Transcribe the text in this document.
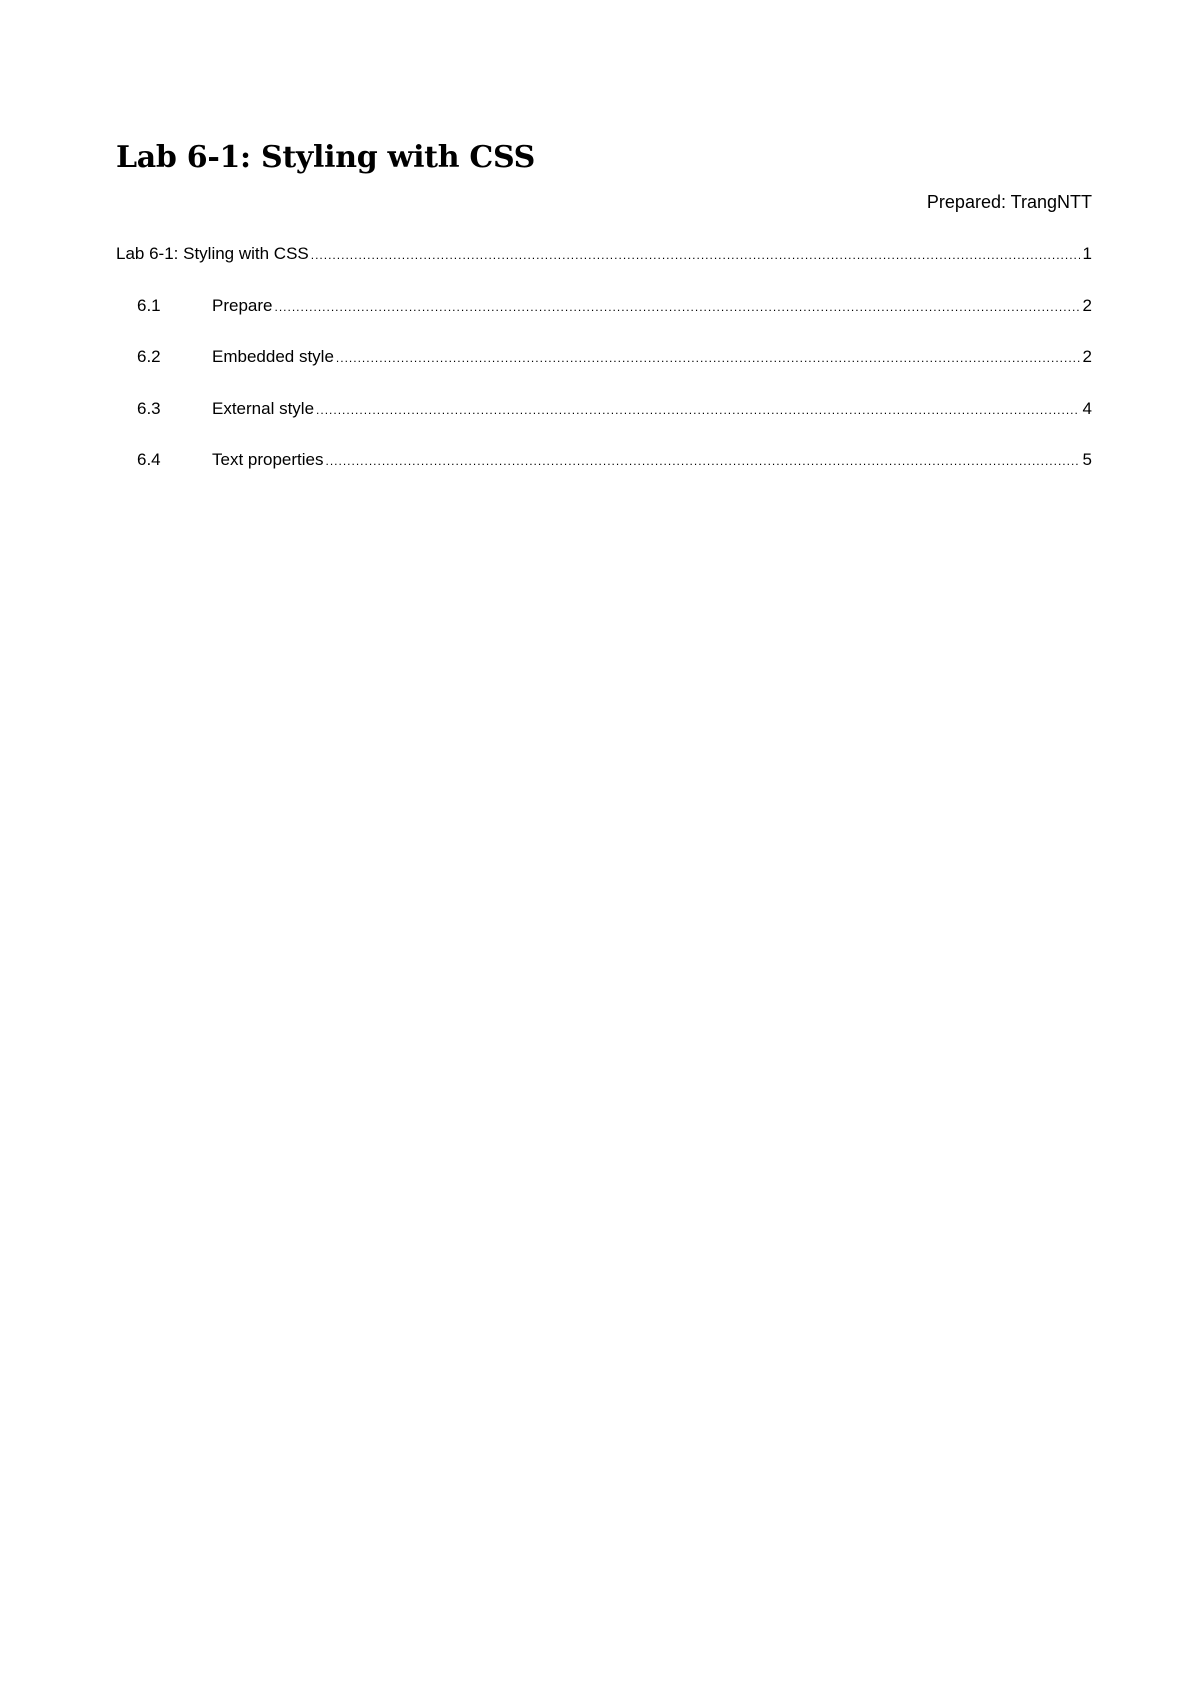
Lab 6-1: Styling with CSS
Prepared: TrangNTT
Lab 6-1: Styling with CSS .....	1
6.1	Prepare .....	2
6.2	Embedded style .....	2
6.3	External style .....	4
6.4	Text properties .....	5
